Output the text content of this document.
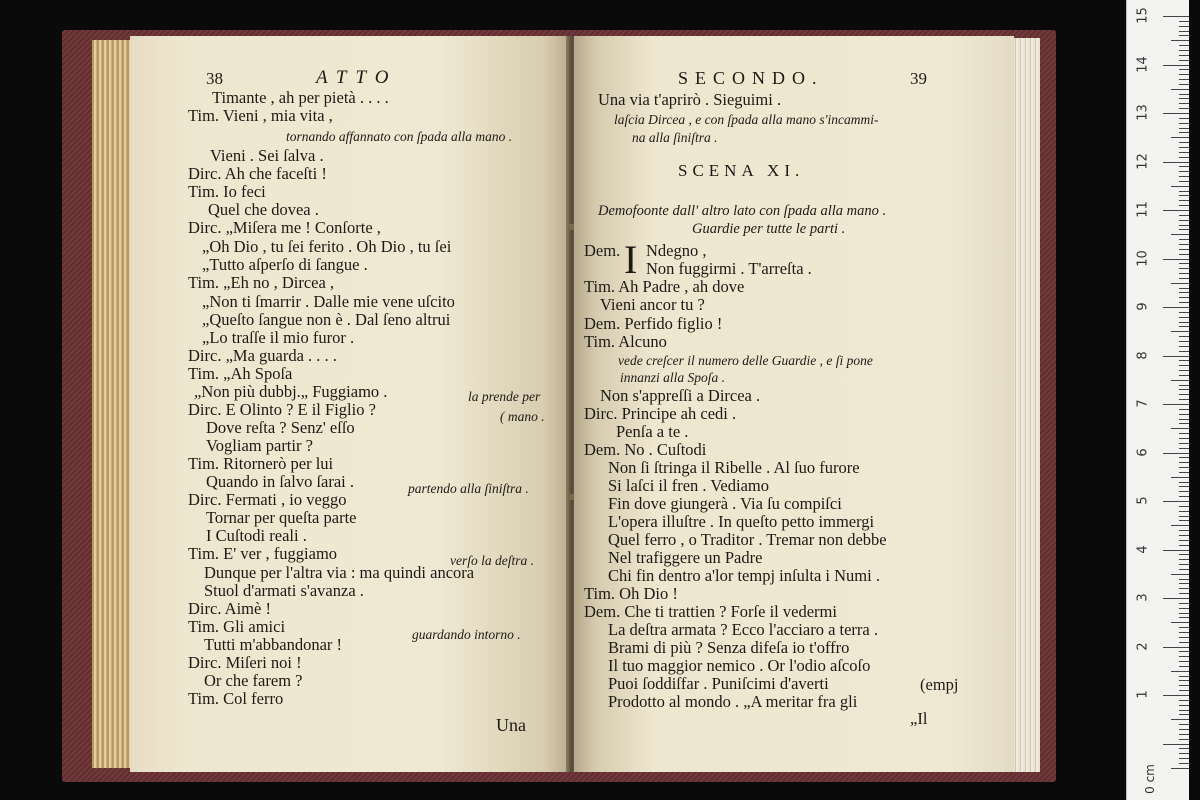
38	ATTO
Timante , ah per pietà . . . .
Tim. Vieni , mia vita ,
tornando affannato con ſpada alla mano .
Vieni . Sei ſalva .
Dirc. Ah che faceſti !
Tim. Io feci
Quel che dovea .
Dirc. „Miſera me ! Conſorte ,
„Oh Dio , tu ſei ferito . Oh Dio , tu ſei
„Tutto aſperſo di ſangue .
Tim. „Eh no , Dircea ,
„Non ti ſmarrir . Dalle mie vene uſcito
„Queſto ſangue non è . Dal ſeno altrui
„Lo traſſe il mio furor .
Dirc. „Ma guarda . . . .
Tim. „Ah Spoſa
„Non più dubbj.„ Fuggiamo .	la prende per
Dirc. E Olinto ? E il Figlio ?	( mano .
Dove reſta ? Senz' eſſo
Vogliam partir ?
Tim. Ritornerò per lui
Quando in ſalvo ſarai .	partendo alla ſiniſtra .
Dirc. Fermati , io veggo
Tornar per queſta parte
I Cuſtodi reali .
Tim. E' ver , fuggiamo	verſo la deſtra .
Dunque per l'altra via : ma quindi ancora
Stuol d'armati s'avanza .
Dirc. Aimè !
Tim. Gli amici	guardando intorno .
Tutti m'abbandonar !
Dirc. Miſeri noi !
Or che farem ?
Tim. Col ferro
Una
SECONDO.	39
Una via t'aprirò . Sieguimi .
laſcia Dircea , e con ſpada alla mano s'incammi-
na alla ſiniſtra .
SCENA XI.
Demofoonte dall' altro lato con ſpada alla mano .
Guardie per tutte le parti .
Dem. I Ndegno ,
Non fuggirmi . T'arreſta .
Tim. Ah Padre , ah dove
Vieni ancor tu ?
Dem. Perfido figlio !
Tim. Alcuno
vede creſcer il numero delle Guardie , e ſi pone
innanzi alla Spoſa .
Non s'appreſſi a Dircea .
Dirc. Principe ah cedi .
Penſa a te .
Dem. No . Cuſtodi
Non ſi ſtringa il Ribelle . Al ſuo furore
Si laſci il fren . Vediamo
Fin dove giungerà . Via ſu compiſci
L'opera illuſtre . In queſto petto immergi
Quel ferro , o Traditor . Tremar non debbe
Nel trafiggere un Padre
Chi fin dentro a'lor tempj inſulta i Numi .
Tim. Oh Dio !
Dem. Che ti trattien ? Forſe il vedermi
La deſtra armata ? Ecco l'acciaro a terra .
Brami di più ? Senza difeſa io t'offro
Il tuo maggior nemico . Or l'odio aſcoſo
Puoi ſoddiſfar . Puniſcimi d'averti	(empj
Prodotto al mondo . „A meritar fra gli
„Il
0 cm
15
14
13
12
11
10
9
8
7
6
5
4
3
2
1
